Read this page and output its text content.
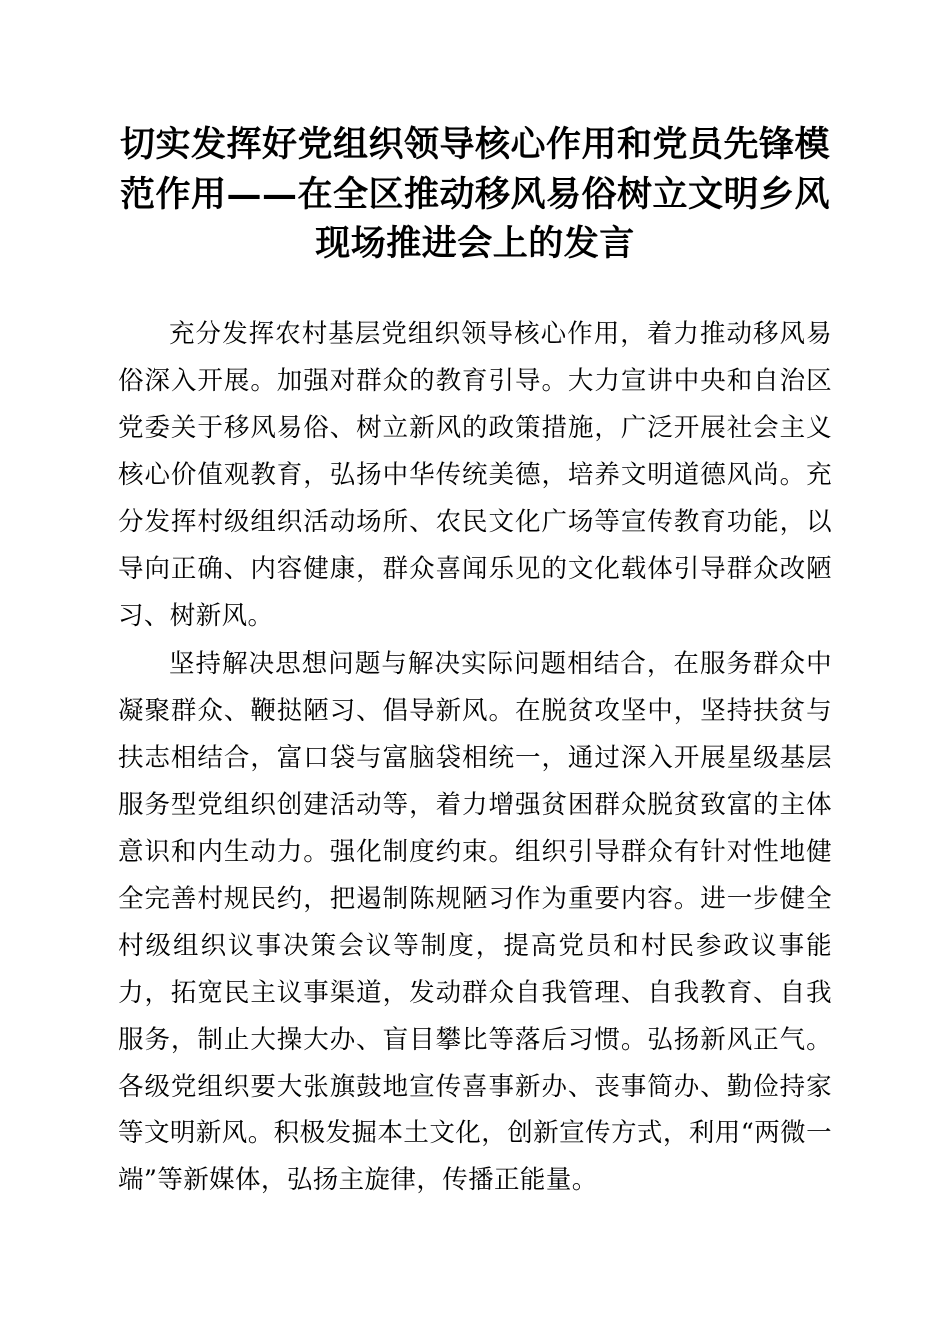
切实发挥好党组织领导核心作用和党员先锋模范作用——在全区推动移风易俗树立文明乡风现场推进会上的发言

充分发挥农村基层党组织领导核心作用，着力推动移风易俗深入开展。加强对群众的教育引导。大力宣讲中央和自治区党委关于移风易俗、树立新风的政策措施，广泛开展社会主义核心价值观教育，弘扬中华传统美德，培养文明道德风尚。充分发挥村级组织活动场所、农民文化广场等宣传教育功能，以导向正确、内容健康，群众喜闻乐见的文化载体引导群众改陋习、树新风。

坚持解决思想问题与解决实际问题相结合，在服务群众中凝聚群众、鞭挞陋习、倡导新风。在脱贫攻坚中，坚持扶贫与扶志相结合，富口袋与富脑袋相统一，通过深入开展星级基层服务型党组织创建活动等，着力增强贫困群众脱贫致富的主体意识和内生动力。强化制度约束。组织引导群众有针对性地健全完善村规民约，把遏制陈规陋习作为重要内容。进一步健全村级组织议事决策会议等制度，提高党员和村民参政议事能力，拓宽民主议事渠道，发动群众自我管理、自我教育、自我服务，制止大操大办、盲目攀比等落后习惯。弘扬新风正气。各级党组织要大张旗鼓地宣传喜事新办、丧事简办、勤俭持家等文明新风。积极发掘本土文化，创新宣传方式，利用“两微一端”等新媒体，弘扬主旋律，传播正能量。
